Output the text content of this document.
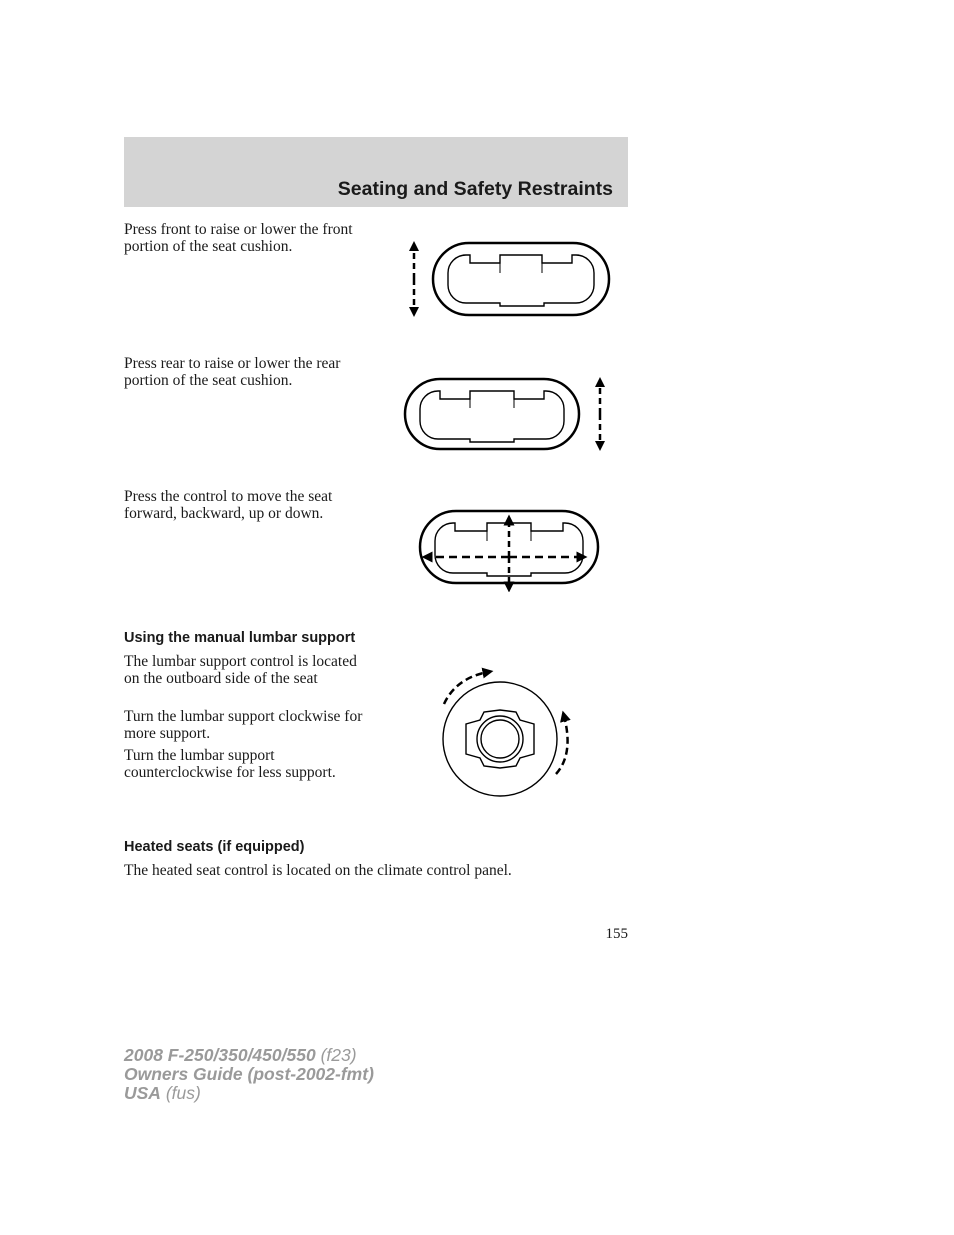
Seating and Safety Restraints
Press front to raise or lower the front portion of the seat cushion.
Press rear to raise or lower the rear portion of the seat cushion.
Press the control to move the seat forward, backward, up or down.
Using the manual lumbar support
The lumbar support control is located on the outboard side of the seat
Turn the lumbar support clockwise for more support.
Turn the lumbar support counterclockwise for less support.
Heated seats (if equipped)
The heated seat control is located on the climate control panel.
155
2008 F-250/350/450/550 (f23)
Owners Guide (post-2002-fmt)
USA (fus)
